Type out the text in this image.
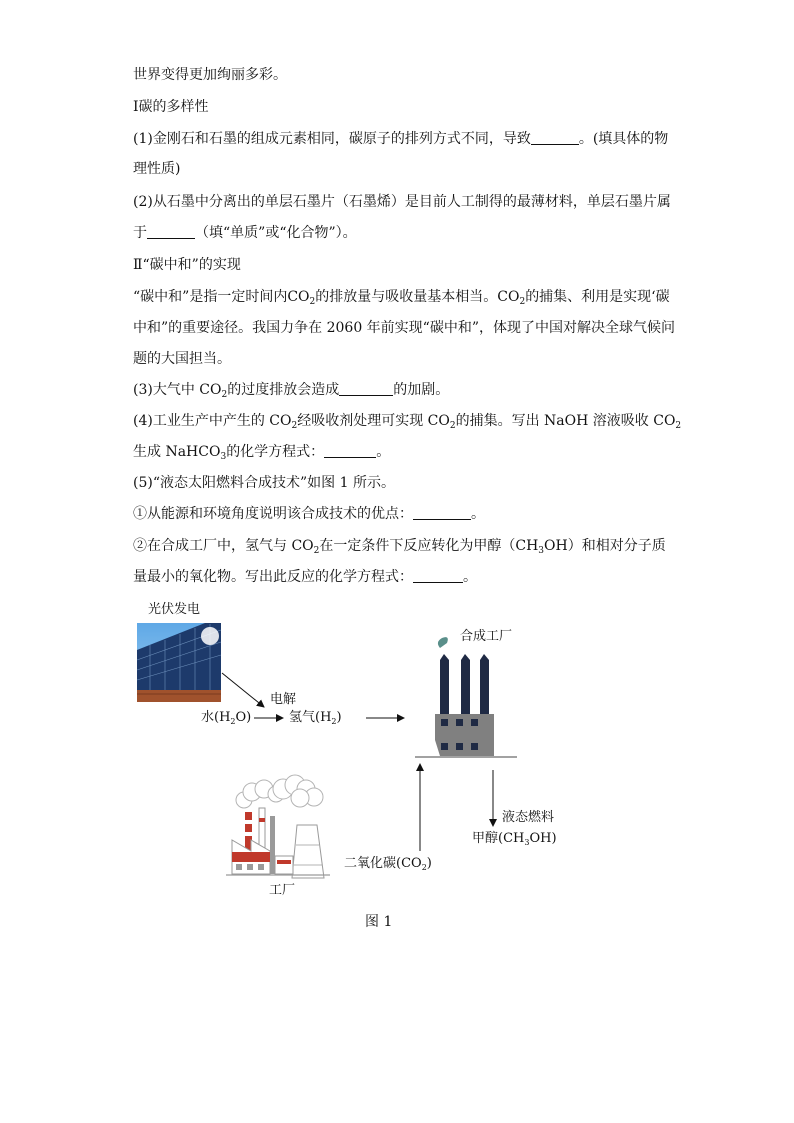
世界变得更加绚丽多彩。
Ⅰ碳的多样性
(1)金刚石和石墨的组成元素相同，碳原子的排列方式不同，导致	。(填具体的物
理性质)
(2)从石墨中分离出的单层石墨片（石墨烯）是目前人工制得的最薄材料，单层石墨片属
于	（填“单质”或“化合物”）。
Ⅱ“碳中和”的实现
“碳中和”是指一定时间内$CO_2$的排放量与吸收量基本相当。$CO_2$的捕集、利用是实现‘碳
中和”的重要途径。我国力争在 2060 年前实现“碳中和”，体现了中国对解决全球气候问
题的大国担当。
(3)大气中 $CO_2$的过度排放会造成	的加剧。
(4)工业生产中产生的 $CO_2$经吸收剂处理可实现 $CO_2$的捕集。写出 NaOH 溶液吸收 $CO_2$
生成 NaHCO$_3$的化学方程式：	。
(5)“液态太阳燃料合成技术”如图 1 所示。
①从能源和环境角度说明该合成技术的优点：	。
②在合成工厂中，氢气与 $CO_2$在一定条件下反应转化为甲醇$(CH_3OH)$和相对分子质
量最小的氧化物。写出此反应的化学方程式：	。
光伏发电
合成工厂
电解
水$(H_2O)$	氢气$(H_2)$
液态燃料
甲醇$(CH_3OH)$
二氧化碳$(CO_2)$
工厂
图 1
